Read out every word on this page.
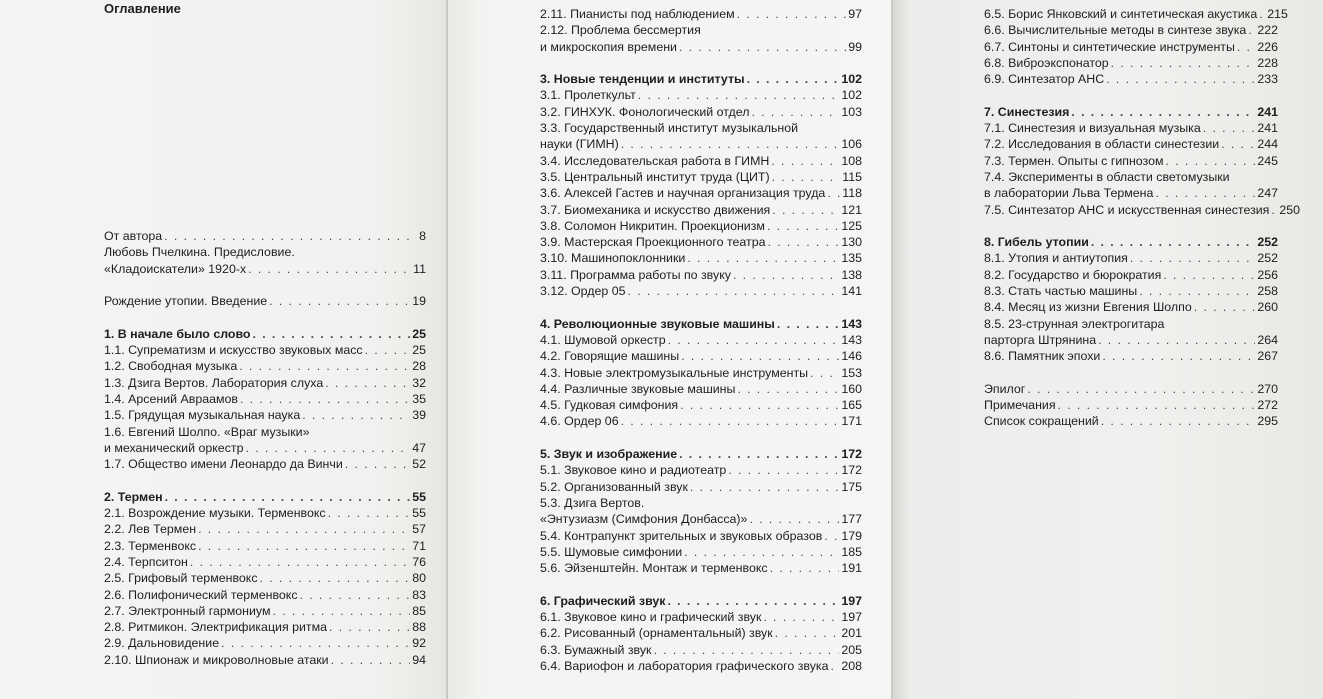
Оглавление
От автора . . .	8
Любовь Пчелкина. Предисловие.
«Кладоискатели» 1920-х . . .	11
Рождение утопии. Введение . . .	19
1. В начале было слово . . .	25
1.1. Супрематизм и искусство звуковых масс . . .	25
1.2. Свободная музыка . . .	28
1.3. Дзига Вертов. Лаборатория слуха . . .	32
1.4. Арсений Авраамов . . .	35
1.5. Грядущая музыкальная наука . . .	39
1.6. Евгений Шолпо. «Враг музыки»
и механический оркестр . . .	47
1.7. Общество имени Леонардо да Винчи . . .	52
2. Термен . . .	55
2.1. Возрождение музыки. Терменвокс . . .	55
2.2. Лев Термен . . .	57
2.3. Терменвокс . . .	71
2.4. Терпситон . . .	76
2.5. Грифовый терменвокс . . .	80
2.6. Полифонический терменвокс . . .	83
2.7. Электронный гармониум . . .	85
2.8. Ритмикон. Электрификация ритма . . .	88
2.9. Дальновидение . . .	92
2.10. Шпионаж и микроволновые атаки . . .	94
2.11. Пианисты под наблюдением . . .	97
2.12. Проблема бессмертия
и микроскопия времени . . .	99
3. Новые тенденции и институты . . .	102
3.1. Пролеткульт . . .	102
3.2. ГИНХУК. Фонологический отдел . . .	103
3.3. Государственный институт музыкальной
науки (ГИМН) . . .	106
3.4. Исследовательская работа в ГИМН . . .	108
3.5. Центральный институт труда (ЦИТ) . . .	115
3.6. Алексей Гастев и научная организация труда . . . 118
3.7. Биомеханика и искусство движения . . .	121
3.8. Соломон Никритин. Проекционизм . . .	125
3.9. Мастерская Проекционного театра . . .	130
3.10. Машинопоклонники . . .	135
3.11. Программа работы по звуку . . .	138
3.12. Ордер 05 . . .	141
4. Революционные звуковые машины . . .	143
4.1. Шумовой оркестр . . .	143
4.2. Говорящие машины . . .	146
4.3. Новые электромузыкальные инструменты . . .	153
4.4. Различные звуковые машины . . .	160
4.5. Гудковая симфония . . .	165
4.6. Ордер 06 . . .	171
5. Звук и изображение . . .	172
5.1. Звуковое кино и радиотеатр . . .	172
5.2. Организованный звук . . .	175
5.3. Дзига Вертов.
«Энтузиазм (Симфония Донбасса)» . . .	177
5.4. Контрапункт зрительных и звуковых образов . . . 179
5.5. Шумовые симфонии . . .	185
5.6. Эйзенштейн. Монтаж и терменвокс . . .	191
6. Графический звук . . .	197
6.1. Звуковое кино и графический звук . . .	197
6.2. Рисованный (орнаментальный) звук . . .	201
6.3. Бумажный звук . . .	205
6.4. Вариофон и лаборатория графического звука . . . 208
6.5. Борис Янковский и синтетическая акустика . . . 215
6.6. Вычислительные методы в синтезе звука . . . 222
6.7. Синтоны и синтетические инструменты . . . 226
6.8. Виброэкспонатор . . .	228
6.9. Синтезатор АНС . . .	233
7. Синестезия . . .	241
7.1. Синестезия и визуальная музыка . . .	241
7.2. Исследования в области синестезии . . .	244
7.3. Термен. Опыты с гипнозом . . .	245
7.4. Эксперименты в области светомузыки
в лаборатории Льва Термена . . .	247
7.5. Синтезатор АНС и искусственная синестезия . . . 250
8. Гибель утопии . . .	252
8.1. Утопия и антиутопия . . .	252
8.2. Государство и бюрократия . . .	256
8.3. Стать частью машины . . .	258
8.4. Месяц из жизни Евгения Шолпо . . .	260
8.5. 23-струнная электрогитара
парторга Штрянина . . .	264
8.6. Памятник эпохи . . .	267
Эпилог . . .	270
Примечания . . .	272
Список сокращений . . .	295
